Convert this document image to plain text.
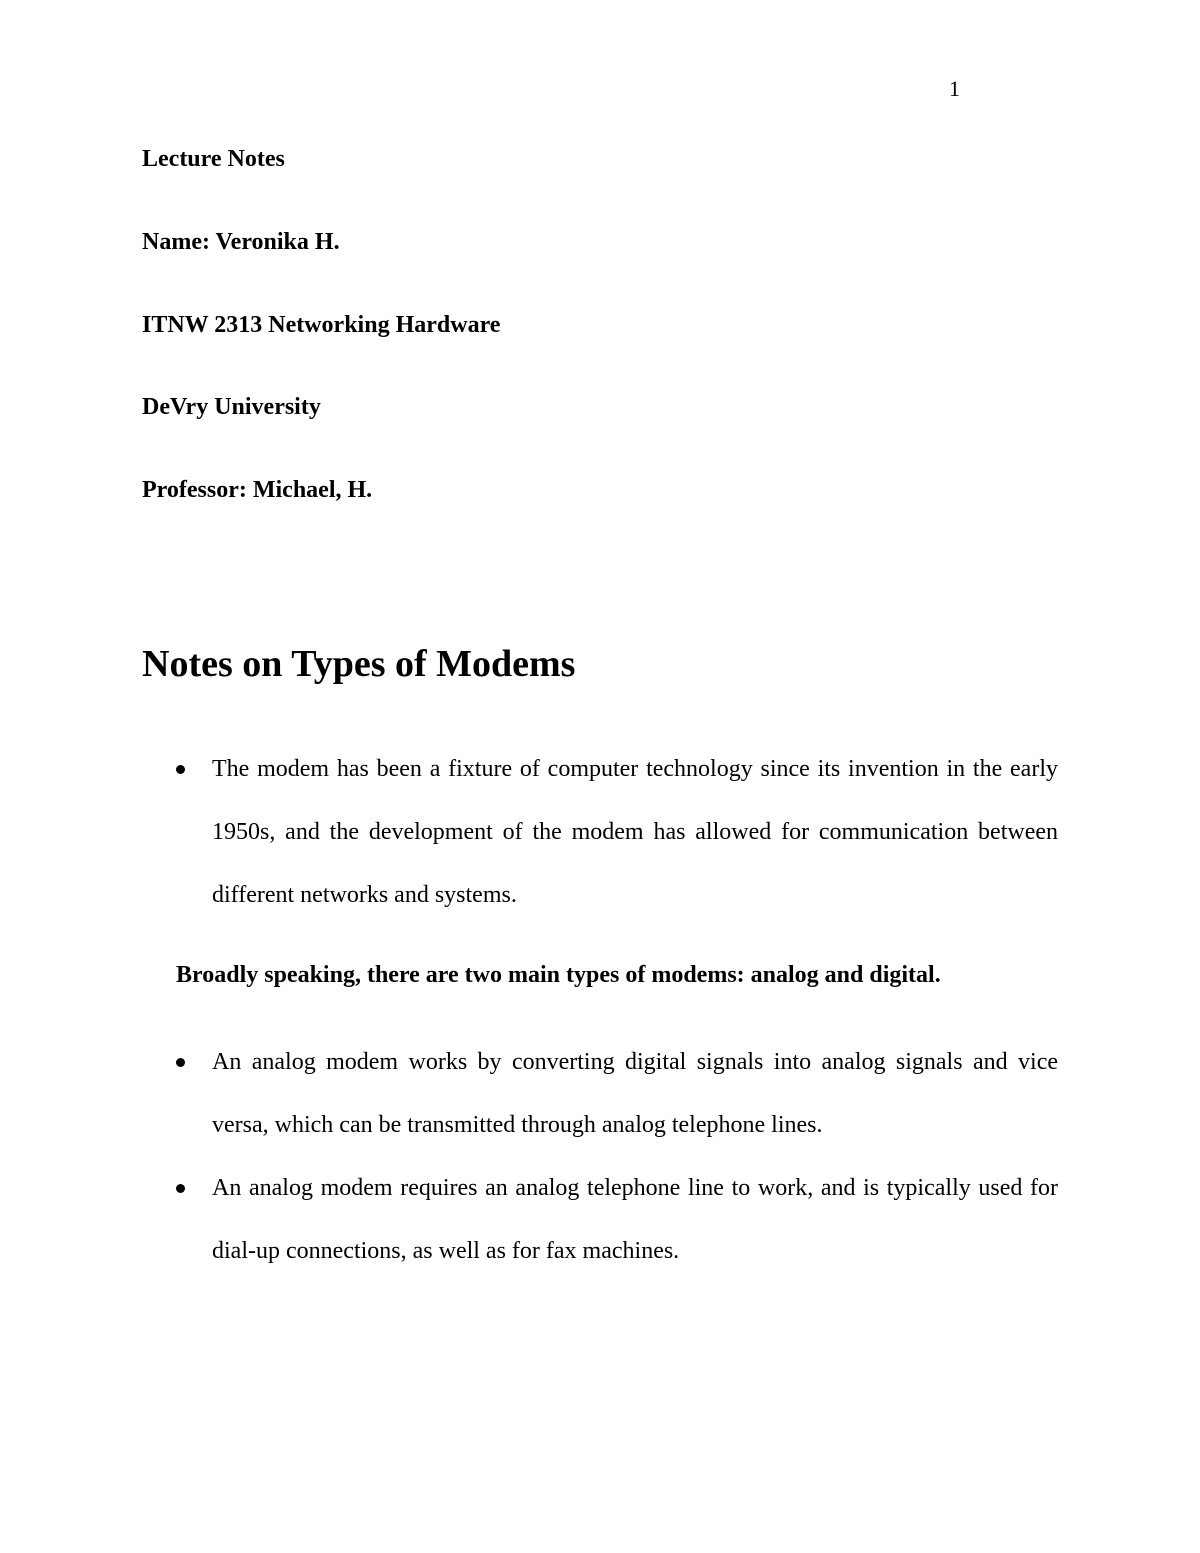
1
Lecture Notes
Name: Veronika H.
ITNW 2313 Networking Hardware
DeVry University
Professor: Michael, H.
Notes on Types of Modems
The modem has been a fixture of computer technology since its invention in the early 1950s, and the development of the modem has allowed for communication between different networks and systems.
Broadly speaking, there are two main types of modems: analog and digital.
An analog modem works by converting digital signals into analog signals and vice versa, which can be transmitted through analog telephone lines.
An analog modem requires an analog telephone line to work, and is typically used for dial-up connections, as well as for fax machines.
